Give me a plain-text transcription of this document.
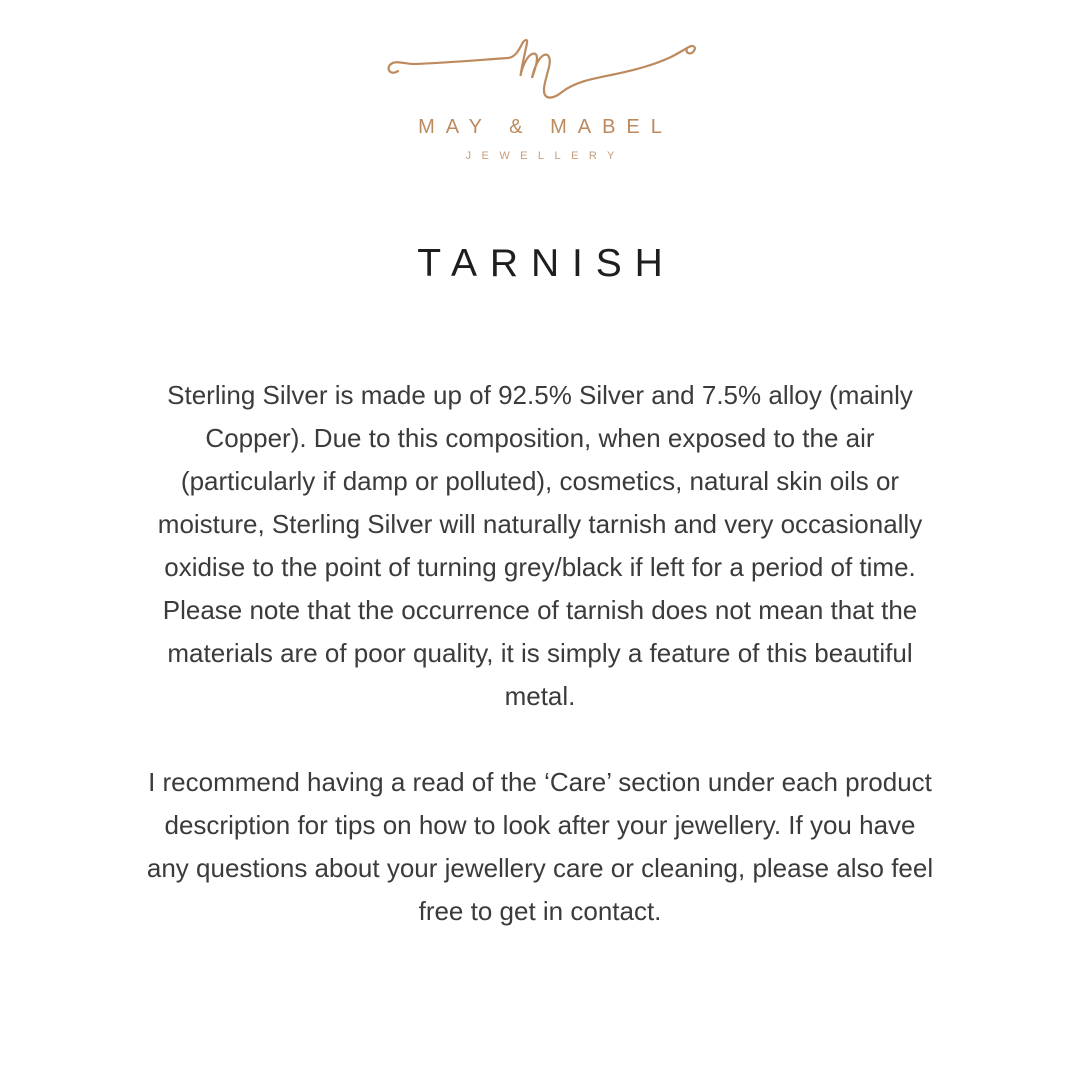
MAY & MABEL
JEWELLERY
TARNISH
Sterling Silver is made up of 92.5% Silver and 7.5% alloy (mainly
Copper). Due to this composition, when exposed to the air
(particularly if damp or polluted), cosmetics, natural skin oils or
moisture, Sterling Silver will naturally tarnish and very occasionally
oxidise to the point of turning grey/black if left for a period of time.
Please note that the occurrence of tarnish does not mean that the
materials are of poor quality, it is simply a feature of this beautiful
metal.
I recommend having a read of the ‘Care’ section under each product
description for tips on how to look after your jewellery. If you have
any questions about your jewellery care or cleaning, please also feel
free to get in contact.
